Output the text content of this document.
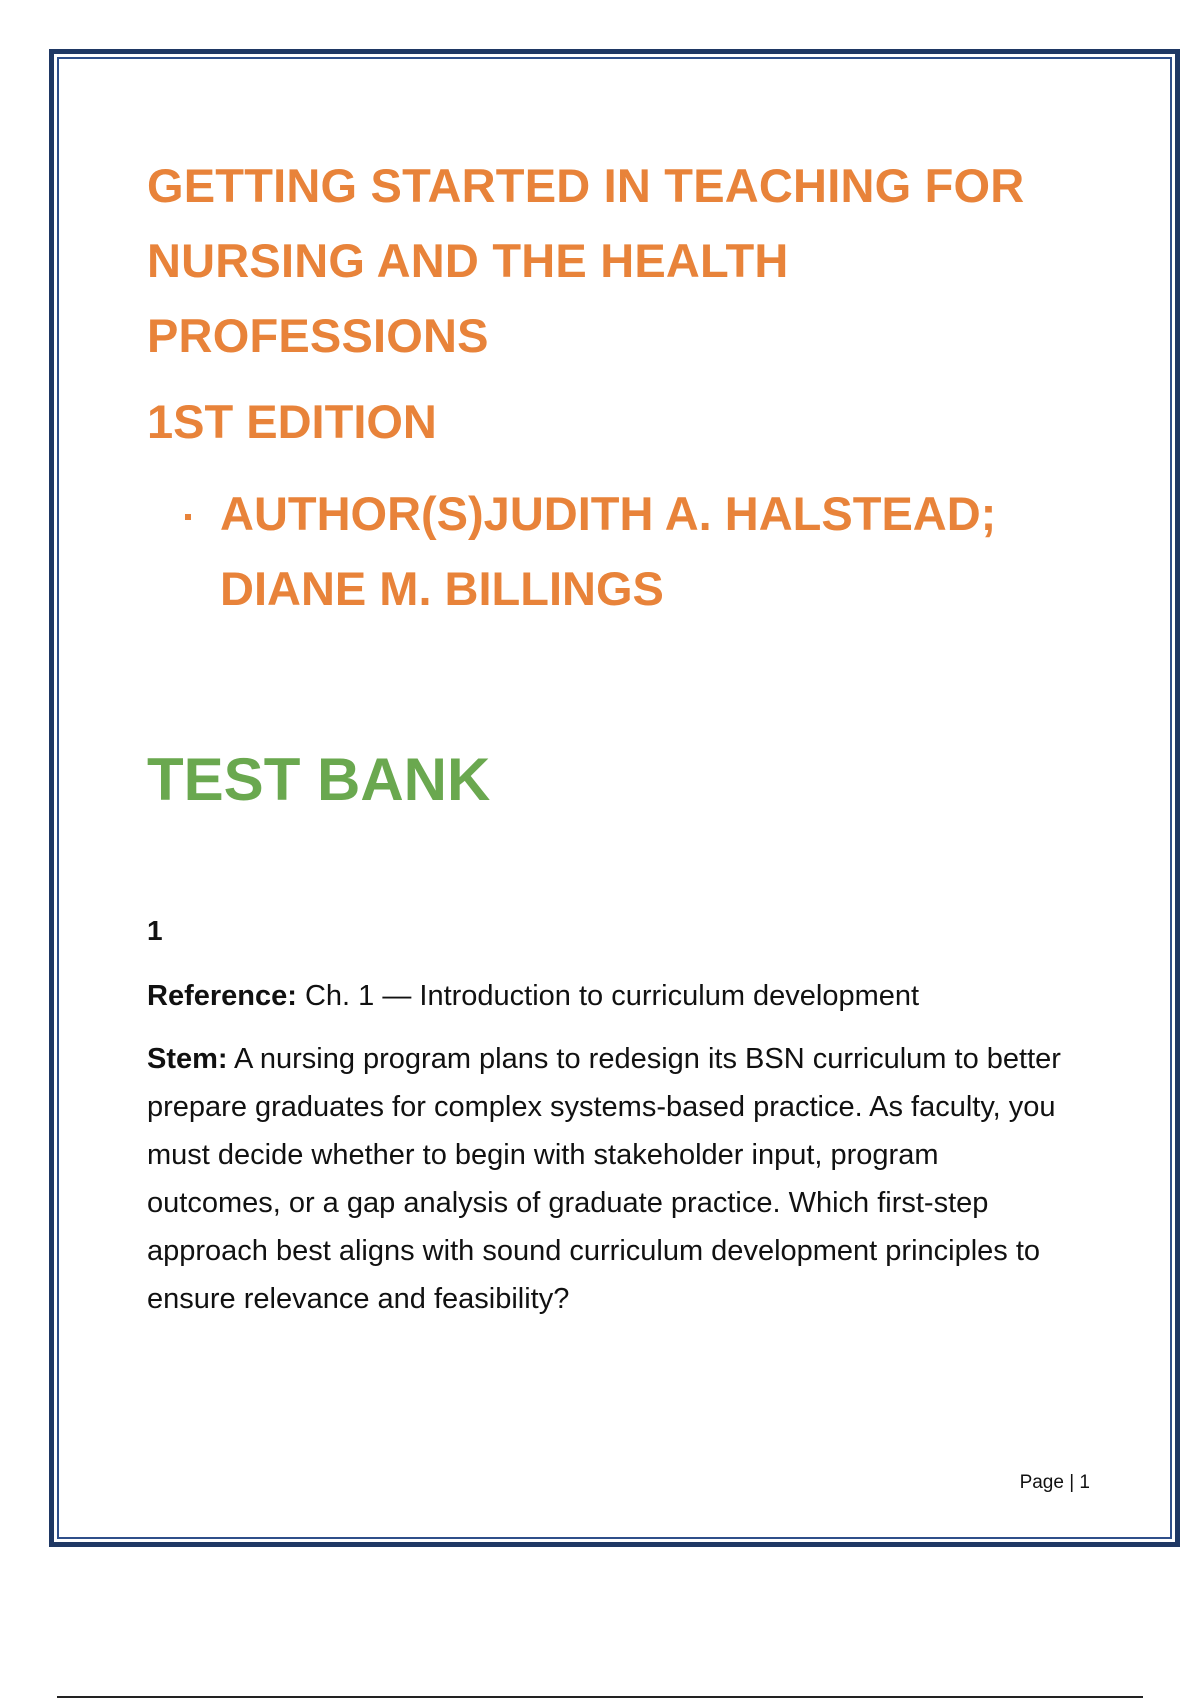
GETTING STARTED IN TEACHING FOR
NURSING AND THE HEALTH
PROFESSIONS
1ST EDITION
AUTHOR(S)JUDITH A. HALSTEAD;
DIANE M. BILLINGS
TEST BANK
1
Reference: Ch. 1 — Introduction to curriculum development
Stem: A nursing program plans to redesign its BSN curriculum to better prepare graduates for complex systems-based practice. As faculty, you must decide whether to begin with stakeholder input, program outcomes, or a gap analysis of graduate practice. Which first-step approach best aligns with sound curriculum development principles to ensure relevance and feasibility?
Page | 1
